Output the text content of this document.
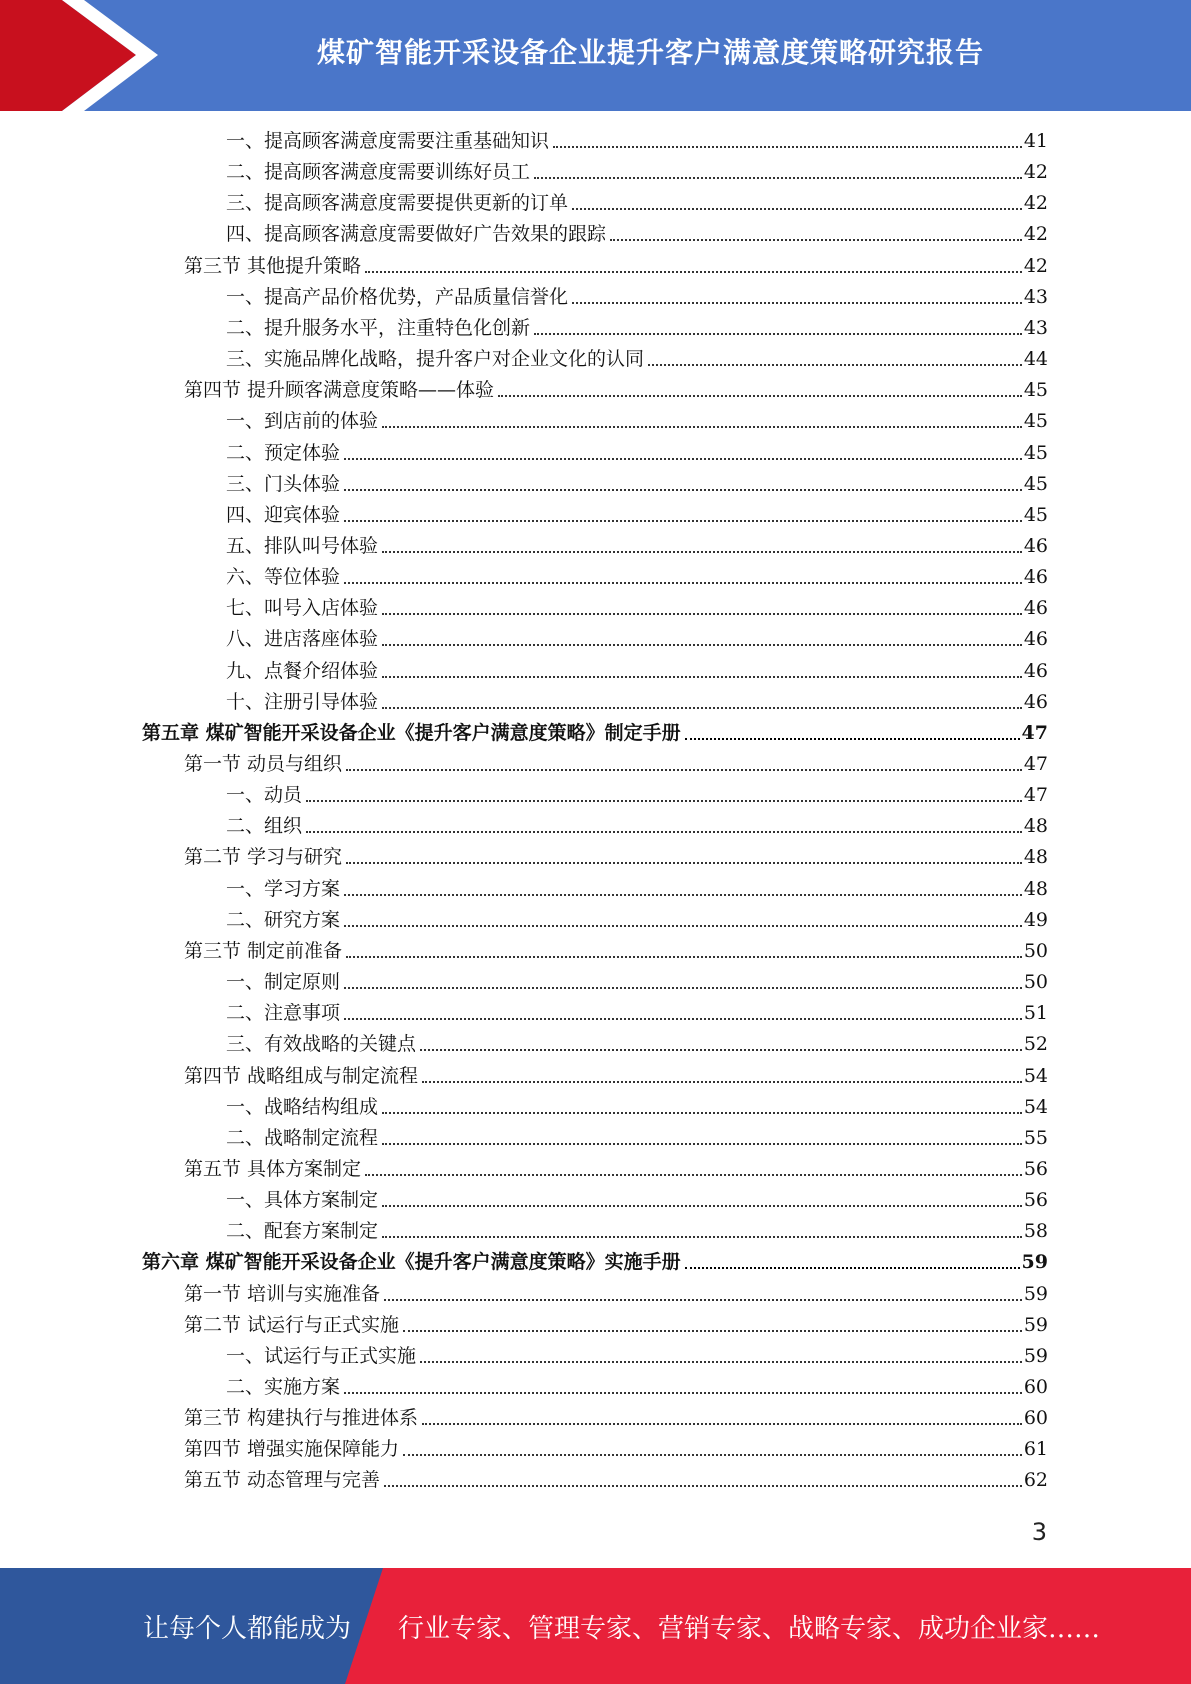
煤矿智能开采设备企业提升客户满意度策略研究报告
一、提高顾客满意度需要注重基础知识	41
二、提高顾客满意度需要训练好员工	42
三、提高顾客满意度需要提供更新的订单	42
四、提高顾客满意度需要做好广告效果的跟踪	42
第三节 其他提升策略	42
一、提高产品价格优势，产品质量信誉化	43
二、提升服务水平，注重特色化创新	43
三、实施品牌化战略，提升客户对企业文化的认同	44
第四节 提升顾客满意度策略——体验	45
一、到店前的体验	45
二、预定体验	45
三、门头体验	45
四、迎宾体验	45
五、排队叫号体验	46
六、等位体验	46
七、叫号入店体验	46
八、进店落座体验	46
九、点餐介绍体验	46
十、注册引导体验	46
第五章 煤矿智能开采设备企业《提升客户满意度策略》制定手册	47
第一节 动员与组织	47
一、动员	47
二、组织	48
第二节 学习与研究	48
一、学习方案	48
二、研究方案	49
第三节 制定前准备	50
一、制定原则	50
二、注意事项	51
三、有效战略的关键点	52
第四节 战略组成与制定流程	54
一、战略结构组成	54
二、战略制定流程	55
第五节 具体方案制定	56
一、具体方案制定	56
二、配套方案制定	58
第六章 煤矿智能开采设备企业《提升客户满意度策略》实施手册	59
第一节 培训与实施准备	59
第二节 试运行与正式实施	59
一、试运行与正式实施	59
二、实施方案	60
第三节 构建执行与推进体系	60
第四节 增强实施保障能力	61
第五节 动态管理与完善	62
3
让每个人都能成为 行业专家、管理专家、营销专家、战略专家、成功企业家……
